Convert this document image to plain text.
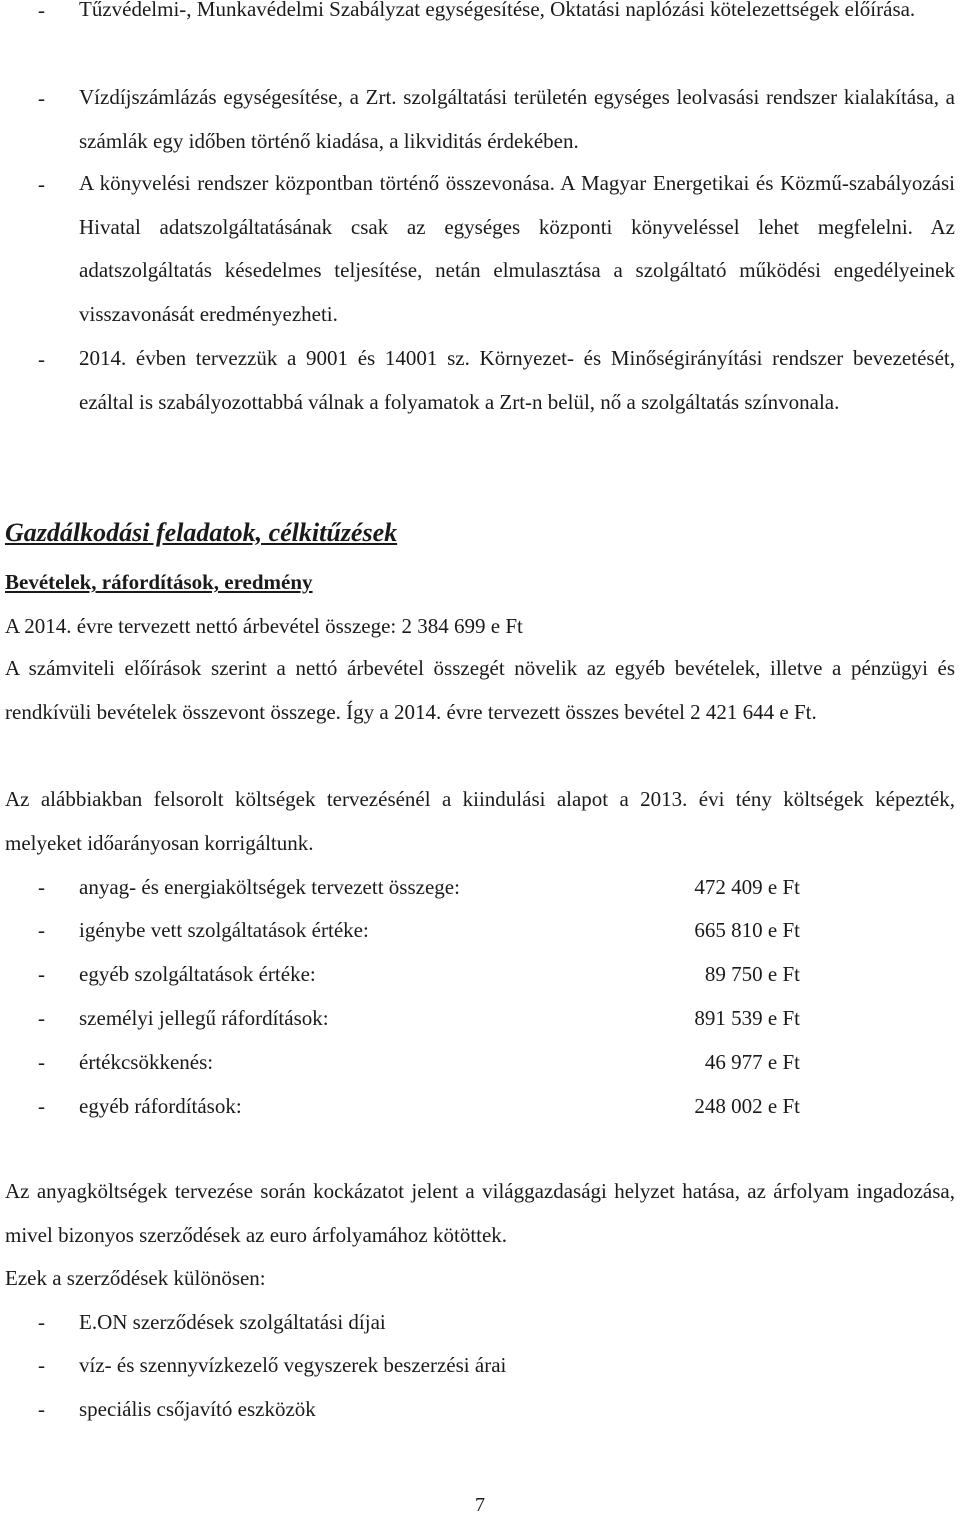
-	Tűzvédelmi-, Munkavédelmi Szabályzat egységesítése, Oktatási naplózási kötelezettségek előírása.
-	Vízdíjszámlázás egységesítése, a Zrt. szolgáltatási területén egységes leolvasási rendszer kialakítása, a számlák egy időben történő kiadása, a likviditás érdekében.
-	A könyvelési rendszer központban történő összevonása. A Magyar Energetikai és Közmű-szabályozási Hivatal adatszolgáltatásának csak az egységes központi könyveléssel lehet megfelelni. Az adatszolgáltatás késedelmes teljesítése, netán elmulasztása a szolgáltató működési engedélyeinek visszavonását eredményezheti.
-	2014. évben tervezzük a 9001 és 14001 sz. Környezet- és Minőségirányítási rendszer bevezetését, ezáltal is szabályozottabbá válnak a folyamatok a Zrt-n belül, nő a szolgáltatás színvonala.
Gazdálkodási feladatok, célkitűzések
Bevételek, ráfordítások, eredmény
A 2014. évre tervezett nettó árbevétel összege: 2 384 699 e Ft
A számviteli előírások szerint a nettó árbevétel összegét növelik az egyéb bevételek, illetve a pénzügyi és rendkívüli bevételek összevont összege. Így a 2014. évre tervezett összes bevétel 2 421 644 e Ft.
Az alábbiakban felsorolt költségek tervezésénél a kiindulási alapot a 2013. évi tény költségek képezték, melyeket időarányosan korrigáltunk.
-	anyag- és energiaköltségek tervezett összege:	472 409 e Ft
-	igénybe vett szolgáltatások értéke:	665 810 e Ft
-	egyéb szolgáltatások értéke:	89 750 e Ft
-	személyi jellegű ráfordítások:	891 539 e Ft
-	értékcsökkenés:	46 977 e Ft
-	egyéb ráfordítások:	248 002 e Ft
Az anyagköltségek tervezése során kockázatot jelent a világgazdasági helyzet hatása, az árfolyam ingadozása, mivel bizonyos szerződések az euro árfolyamához kötöttek.
Ezek a szerződések különösen:
-	E.ON szerződések szolgáltatási díjai
-	víz- és szennyvízkezelő vegyszerek beszerzési árai
-	speciális csőjavító eszközök
7
